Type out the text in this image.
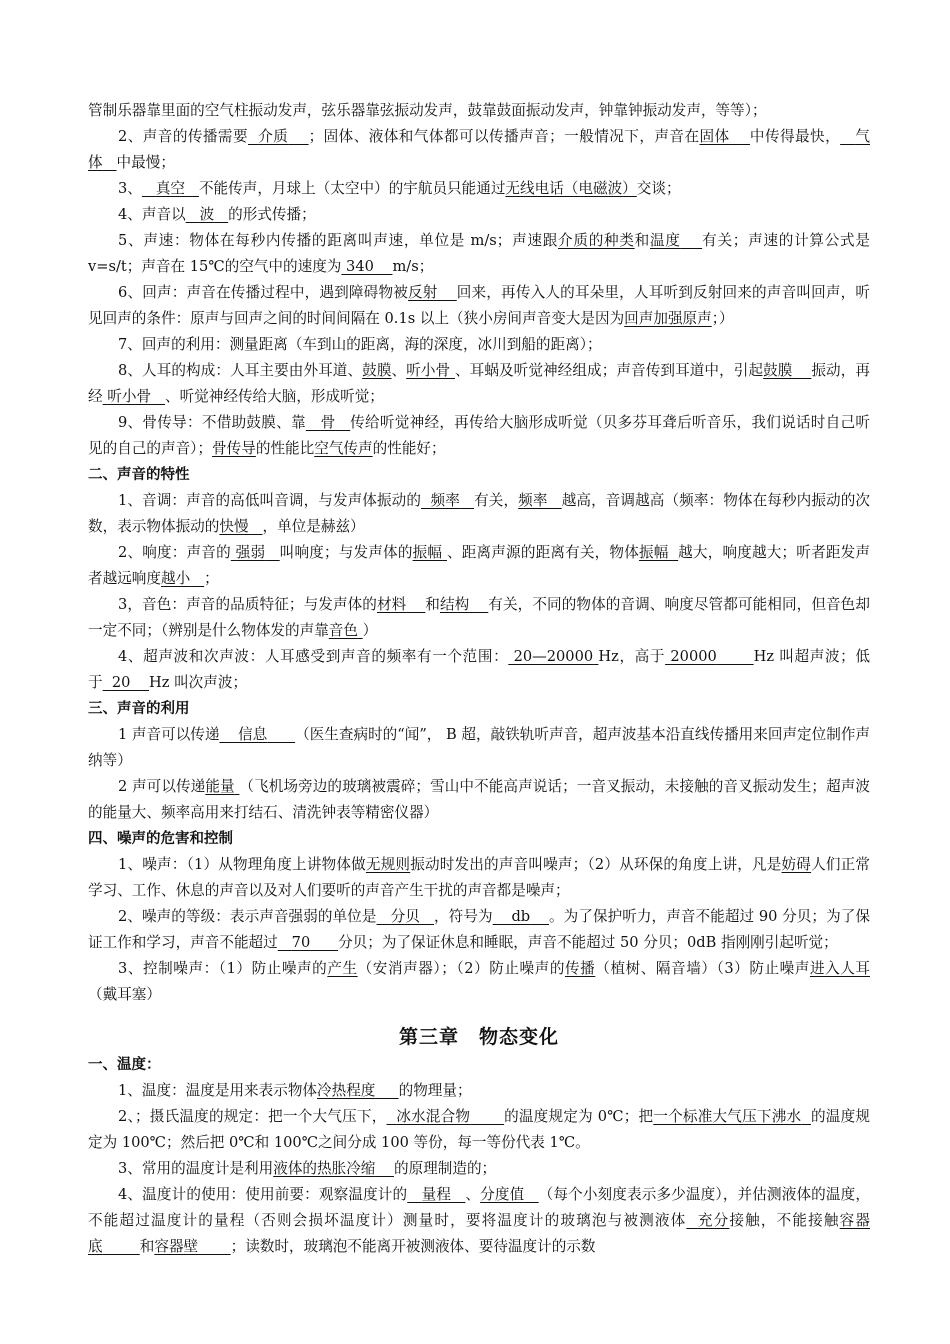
管制乐器靠里面的空气柱振动发声，弦乐器靠弦振动发声，鼓靠鼓面振动发声，钟靠钟振动发声，等等）；

2、声音的传播需要 介质 ；固体、液体和气体都可以传播声音；一般情况下，声音在固体 中传得最快， 气体 中最慢；

3、 真空 不能传声，月球上（太空中）的宇航员只能通过无线电话（电磁波）交谈；

4、声音以 波 的形式传播；

5、声速：物体在每秒内传播的距离叫声速，单位是 m/s；声速跟介质的种类和温度 有关；声速的计算公式是 v=s/t；声音在 15℃的空气中的速度为 340 m/s；

6、回声：声音在传播过程中，遇到障碍物被反射 回来，再传入人的耳朵里，人耳听到反射回来的声音叫回声，听见回声的条件：原声与回声之间的时间间隔在 0.1s 以上（狭小房间声音变大是因为回声加强原声；）

7、回声的利用：测量距离（车到山的距离，海的深度，冰川到船的距离）；

8、人耳的构成：人耳主要由外耳道、鼓膜、听小骨 、耳蜗及听觉神经组成；声音传到耳道中，引起鼓膜 振动，再经 听小骨 、听觉神经传给大脑，形成听觉；

9、骨传导：不借助鼓膜、靠 骨 传给听觉神经，再传给大脑形成听觉（贝多芬耳聋后听音乐，我们说话时自己听见的自己的声音）；骨传导的性能比空气传声的性能好；

二、声音的特性

1、音调：声音的高低叫音调，与发声体振动的 频率 有关，频率 越高，音调越高（频率：物体在每秒内振动的次数，表示物体振动的快慢 ，单位是赫兹）

2、响度：声音的 强弱 叫响度；与发声体的振幅 、距离声源的距离有关，物体振幅 越大，响度越大；听者距发声者越远响度越小 ；

3，音色：声音的品质特征；与发声体的材料 和结构 有关，不同的物体的音调、响度尽管都可能相同，但音色却一定不同；（辨别是什么物体发的声靠音色 ）

4、超声波和次声波：人耳感受到声音的频率有一个范围： 20—20000 Hz，高于 20000	Hz 叫超声波；低于 20 Hz 叫次声波；

三、声音的利用

1 声音可以传递 信息 （医生查病时的“闻”， B 超，敲铁轨听声音，超声波基本沿直线传播用来回声定位制作声纳等）

2 声可以传递能量 （飞机场旁边的玻璃被震碎；雪山中不能高声说话；一音叉振动，未接触的音叉振动发生；超声波的能量大、频率高用来打结石、清洗钟表等精密仪器）

四、噪声的危害和控制

1、噪声：（1）从物理角度上讲物体做无规则振动时发出的声音叫噪声；（2）从环保的角度上讲，凡是妨碍人们正常学习、工作、休息的声音以及对人们要听的声音产生干扰的声音都是噪声；

2、噪声的等级：表示声音强弱的单位是 分贝 ，符号为 db 。为了保护听力，声音不能超过 90 分贝；为了保证工作和学习，声音不能超过 70 分贝；为了保证休息和睡眠，声音不能超过 50 分贝；0dB 指刚刚引起听觉；

3、控制噪声：（1）防止噪声的产生（安消声器）；（2）防止噪声的传播（植树、隔音墙）（3）防止噪声进入人耳（戴耳塞）

第三章　物态变化

一、温度：

1、温度：温度是用来表示物体冷热程度 的物理量；

2、；摄氏温度的规定：把一个大气压下， 冰水混合物 的温度规定为 0℃；把一个标准大气压下沸水 的温度规定为 100℃；然后把 0℃和 100℃之间分成 100 等份，每一等份代表 1℃。

3、常用的温度计是利用液体的热胀冷缩 的原理制造的；

4、温度计的使用：使用前要：观察温度计的 量程 、分度值 （每个小刻度表示多少温度），并估测液体的温度，不能超过温度计的量程（否则会损坏温度计）测量时，要将温度计的玻璃泡与被测液体 充分接触，不能接触容器底	和容器壁 ；读数时，玻璃泡不能离开被测液体、要待温度计的示数
